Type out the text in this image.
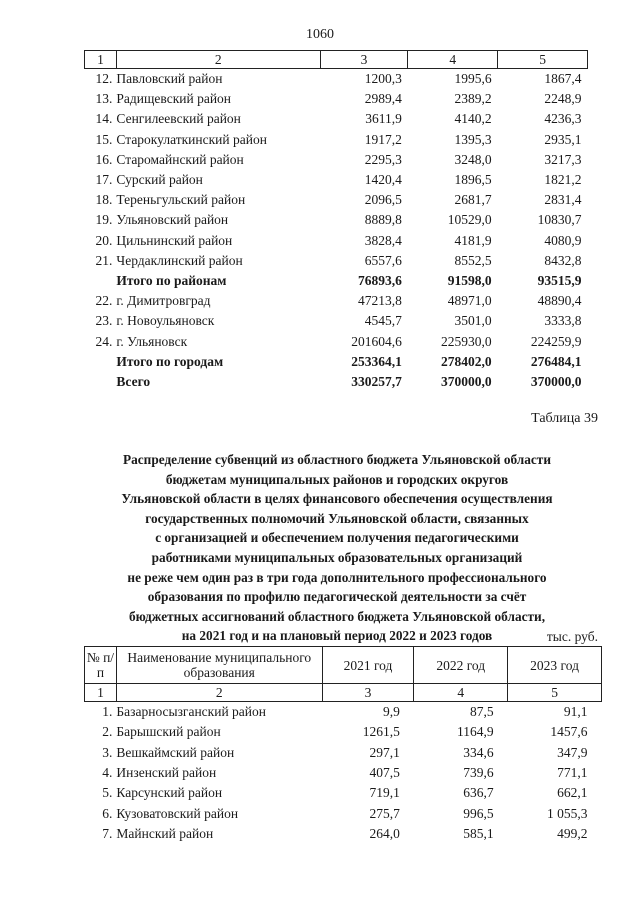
1060
1	2	3	4	5
12.	Павловский район	1200,3	1995,6	1867,4
13.	Радищевский район	2989,4	2389,2	2248,9
14.	Сенгилеевский район	3611,9	4140,2	4236,3
15.	Старокулаткинский район	1917,2	1395,3	2935,1
16.	Старомайнский район	2295,3	3248,0	3217,3
17.	Сурский район	1420,4	1896,5	1821,2
18.	Тереньгульский район	2096,5	2681,7	2831,4
19.	Ульяновский район	8889,8	10529,0	10830,7
20.	Цильнинский район	3828,4	4181,9	4080,9
21.	Чердаклинский район	6557,6	8552,5	8432,8
	Итого по районам	76893,6	91598,0	93515,9
22.	г. Димитровград	47213,8	48971,0	48890,4
23.	г. Новоульяновск	4545,7	3501,0	3333,8
24.	г. Ульяновск	201604,6	225930,0	224259,9
	Итого по городам	253364,1	278402,0	276484,1
	Всего	330257,7	370000,0	370000,0
Таблица 39
Распределение субвенций из областного бюджета Ульяновской области
бюджетам муниципальных районов и городских округов
Ульяновской области в целях финансового обеспечения осуществления
государственных полномочий Ульяновской области, связанных
с организацией и обеспечением получения педагогическими
работниками муниципальных образовательных организаций
не реже чем один раз в три года дополнительного профессионального
образования по профилю педагогической деятельности за счёт
бюджетных ассигнований областного бюджета Ульяновской области,
на 2021 год и на плановый период 2022 и 2023 годов	тыс. руб.
№ п/п	Наименование муниципального образования	2021 год	2022 год	2023 год
1	2	3	4	5
1.	Базарносызганский район	9,9	87,5	91,1
2.	Барышский район	1261,5	1164,9	1457,6
3.	Вешкаймский район	297,1	334,6	347,9
4.	Инзенский район	407,5	739,6	771,1
5.	Карсунский район	719,1	636,7	662,1
6.	Кузоватовский район	275,7	996,5	1 055,3
7.	Майнский район	264,0	585,1	499,2
